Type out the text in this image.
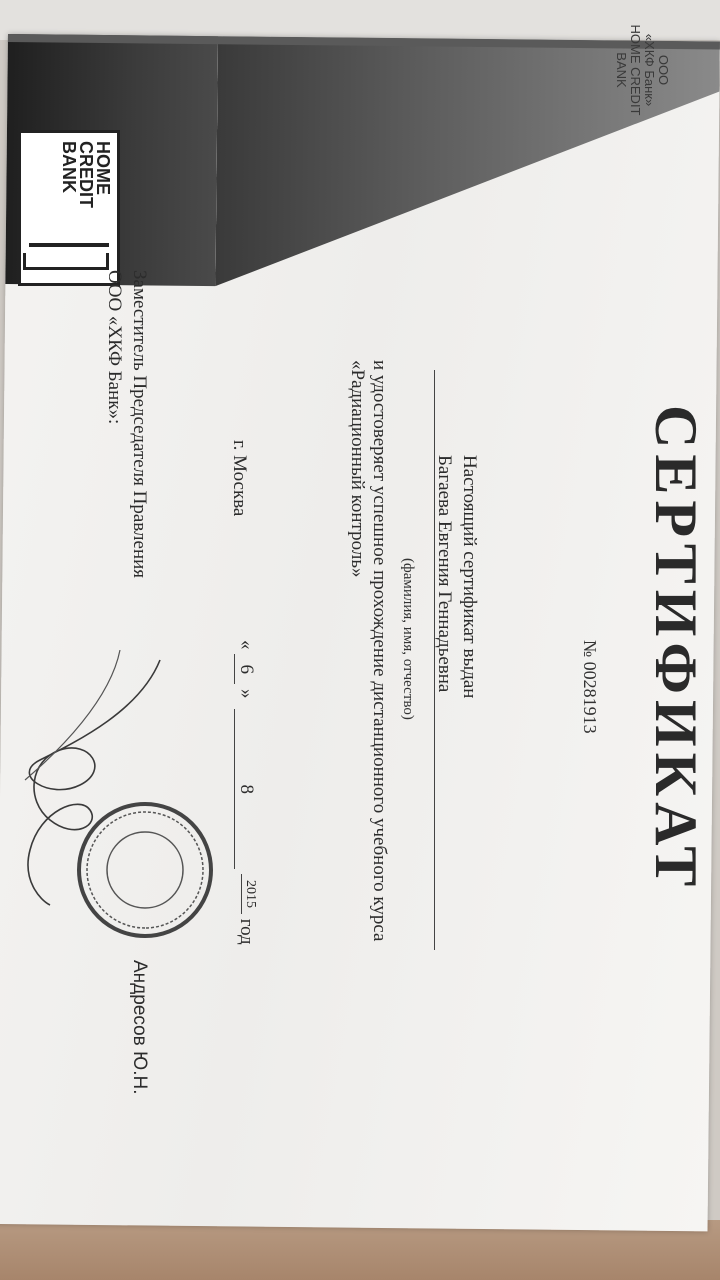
HOME
CREDIT
BANK
СЕРТИФИКАТ
№ 00281913
Настоящий сертификат выдан
Багаева Евгения Геннадьевна
(фамилия, имя, отчество)
и удостоверяет успешное прохождение дистанционного учебного курса «Радиационный контроль»
г. Москва
« 6 » 8 2015 год
Заместитель Председателя Правления
ООО «ХКФ Банк»:
ООО
«ХКФ Банк»
HOME CREDIT
BANK
Андресов Ю.Н.
